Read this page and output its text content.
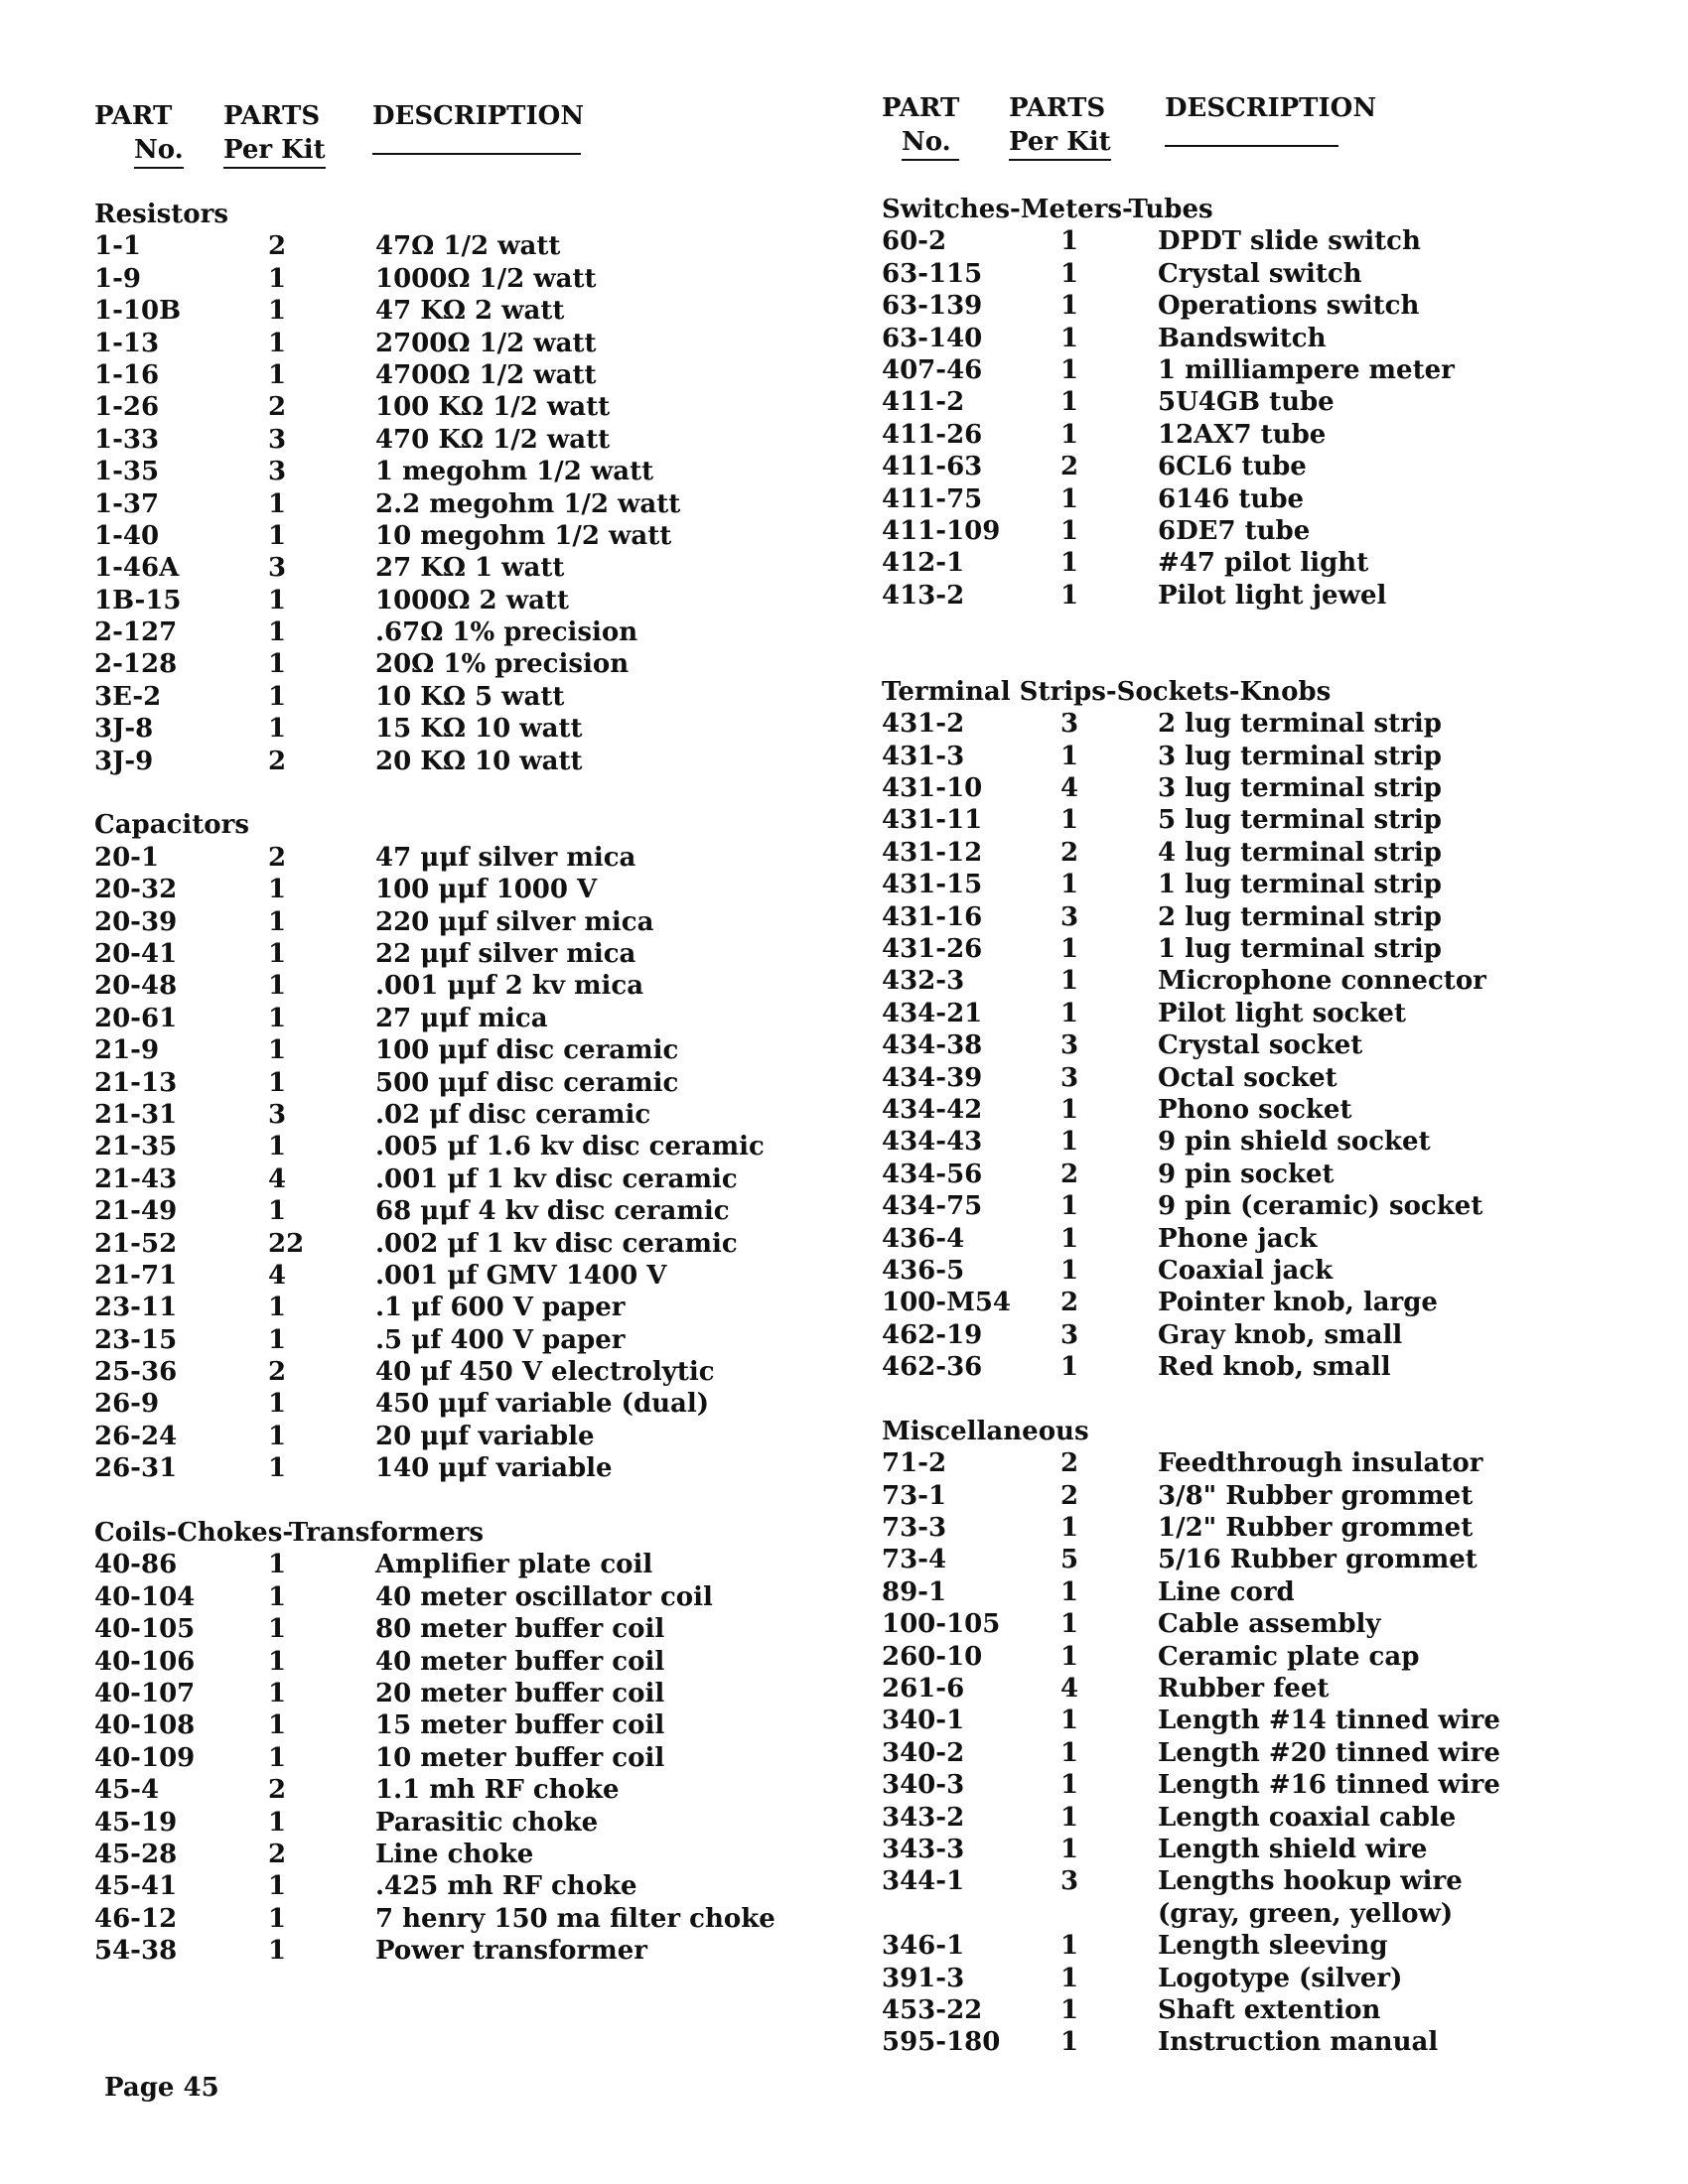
PART
No.
PARTS
Per Kit
DESCRIPTION	PART
No.
PARTS
Per Kit
DESCRIPTION
Resistors
1-1	2	47Ω 1/2 watt
1-9	1	1000Ω 1/2 watt
1-10B	1	47 KΩ 2 watt
1-13	1	2700Ω 1/2 watt
1-16	1	4700Ω 1/2 watt
1-26	2	100 KΩ 1/2 watt
1-33	3	470 KΩ 1/2 watt
1-35	3	1 megohm 1/2 watt
1-37	1	2.2 megohm 1/2 watt
1-40	1	10 megohm 1/2 watt
1-46A	3	27 KΩ 1 watt
1B-15	1	1000Ω 2 watt
2-127	1	.67Ω 1% precision
2-128	1	20Ω 1% precision
3E-2	1	10 KΩ 5 watt
3J-8	1	15 KΩ 10 watt
3J-9	2	20 KΩ 10 watt
Capacitors
20-1	2	47 μμf silver mica
20-32	1	100 μμf 1000 V
20-39	1	220 μμf silver mica
20-41	1	22 μμf silver mica
20-48	1	.001 μμf 2 kv mica
20-61	1	27 μμf mica
21-9	1	100 μμf disc ceramic
21-13	1	500 μμf disc ceramic
21-31	3	.02 μf disc ceramic
21-35	1	.005 μf 1.6 kv disc ceramic
21-43	4	.001 μf 1 kv disc ceramic
21-49	1	68 μμf 4 kv disc ceramic
21-52	22	.002 μf 1 kv disc ceramic
21-71	4	.001 μf GMV 1400 V
23-11	1	.1 μf 600 V paper
23-15	1	.5 μf 400 V paper
25-36	2	40 μf 450 V electrolytic
26-9	1	450 μμf variable (dual)
26-24	1	20 μμf variable
26-31	1	140 μμf variable
Coils-Chokes-Transformers
40-86	1	Amplifier plate coil
40-104	1	40 meter oscillator coil
40-105	1	80 meter buffer coil
40-106	1	40 meter buffer coil
40-107	1	20 meter buffer coil
40-108	1	15 meter buffer coil
40-109	1	10 meter buffer coil
45-4	2	1.1 mh RF choke
45-19	1	Parasitic choke
45-28	2	Line choke
45-41	1	.425 mh RF choke
46-12	1	7 henry 150 ma filter choke
54-38	1	Power transformer
Switches-Meters-Tubes
60-2	1	DPDT slide switch
63-115	1	Crystal switch
63-139	1	Operations switch
63-140	1	Bandswitch
407-46	1	1 milliampere meter
411-2	1	5U4GB tube
411-26	1	12AX7 tube
411-63	2	6CL6 tube
411-75	1	6146 tube
411-109 1	6DE7 tube
412-1	1	#47 pilot light
413-2	1	Pilot light jewel
Terminal Strips-Sockets-Knobs
431-2	3	2 lug terminal strip
431-3	1	3 lug terminal strip
431-10	4	3 lug terminal strip
431-11	1	5 lug terminal strip
431-12	2	4 lug terminal strip
431-15	1	1 lug terminal strip
431-16	3	2 lug terminal strip
431-26	1	1 lug terminal strip
432-3	1	Microphone connector
434-21	1	Pilot light socket
434-38	3	Crystal socket
434-39	3	Octal socket
434-42	1	Phono socket
434-43	1	9 pin shield socket
434-56	2	9 pin socket
434-75	1	9 pin (ceramic) socket
436-4	1	Phone jack
436-5	1	Coaxial jack
100-M54 2	Pointer knob, large
462-19	3	Gray knob, small
462-36	1	Red knob, small
Miscellaneous
71-2	2	Feedthrough insulator
73-1	2	3/8" Rubber grommet
73-3	1	1/2" Rubber grommet
73-4	5	5/16 Rubber grommet
89-1	1	Line cord
100-105 1	Cable assembly
260-10	1	Ceramic plate cap
261-6	4	Rubber feet
340-1	1	Length #14 tinned wire
340-2	1	Length #20 tinned wire
340-3	1	Length #16 tinned wire
343-2	1	Length coaxial cable
343-3	1	Length shield wire
344-1	3	Lengths hookup wire
(gray, green, yellow)
346-1	1	Length sleeving
391-3	1	Logotype (silver)
453-22	1	Shaft extention
595-180 1	Instruction manual
Page 45
